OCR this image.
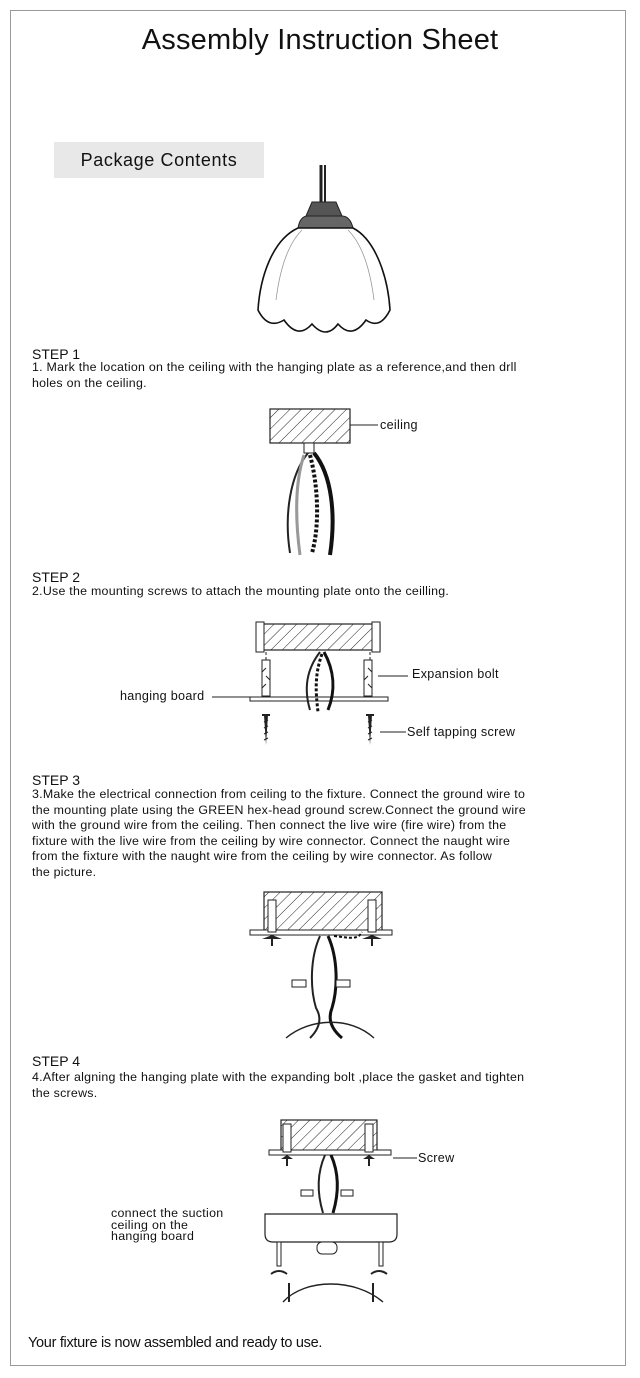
Assembly Instruction Sheet
Package Contents
STEP 1
1. Mark the location on the ceiling with the hanging plate as a reference,and then drll
holes on the ceiling.
ceiling
STEP 2
2.Use the mounting screws to attach the mounting plate onto the ceilling.
Expansion bolt
hanging board
Self tapping screw
STEP 3
3.Make the electrical connection from ceiling to the fixture. Connect the ground wire to
the mounting plate using the GREEN hex-head ground screw.Connect the ground wire
with the ground wire from the ceiling. Then connect the live wire (fire wire) from the
fixture with the live wire from the ceiling by wire connector. Connect the naught wire
from the fixture with the naught wire from the ceiling by wire connector. As follow
the picture.
STEP 4
4.After algning the hanging plate with the expanding bolt ,place the gasket and tighten
the screws.
Screw
connect the suction
ceiling on the
hanging board
Your fixture is now assembled and ready to use.
